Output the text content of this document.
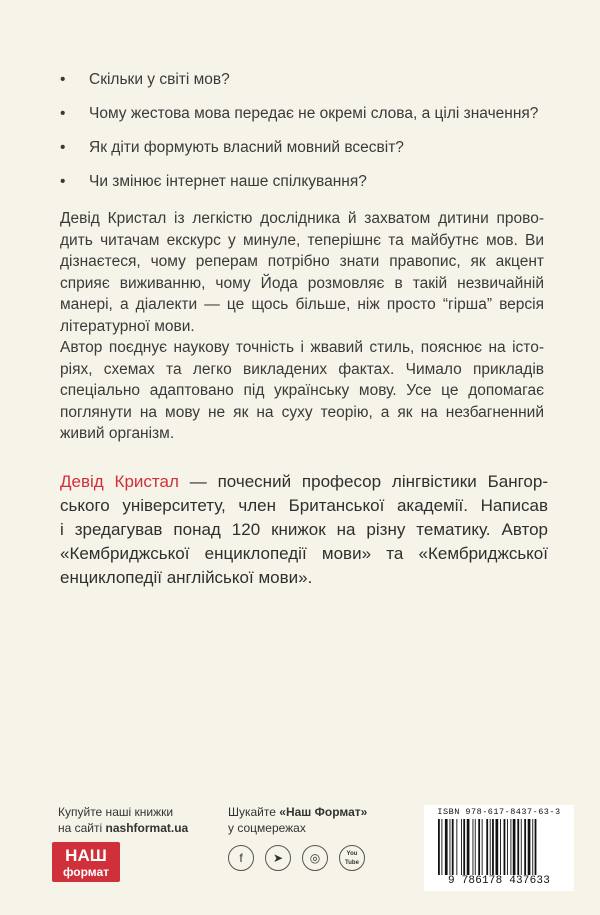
• Скільки у світі мов?
• Чому жестова мова передає не окремі слова, а цілі значення?
• Як діти формують власний мовний всесвіт?
• Чи змінює інтернет наше спілкування?
Девід Кристал із легкістю дослідника й захватом дитини прово-
дить читачам екскурс у минуле, теперішнє та майбутнє мов. Ви
дізнаєтеся, чому реперам потрібно знати правопис, як акцент
сприяє виживанню, чому Йода розмовляє в такій незвичайній
манері, а діалекти — це щось більше, ніж просто “гірша” версія
літературної мови.
Автор поєднує наукову точність і жвавий стиль, пояснює на істо-
ріях, схемах та легко викладених фактах. Чимало прикладів
спеціально адаптовано під українську мову. Усе це допомагає
поглянути на мову не як на суху теорію, а як на незбагненний
живий організм.
Девід Кристал — почесний професор лінгвістики Бангор-
ського університету, член Британської академії. Написав
і зредагував понад 120 книжок на різну тематику. Автор
«Кембриджської енциклопедії мови» та «Кембриджської
енциклопедії англійської мови».
Купуйте наші книжки
на сайті nashformat.ua
НАШ
формат
Шукайте «Наш Формат»
у соцмережах
f	➤	◎	You Tube
ISBN 978-617-8437-63-3
9 786178 437633
